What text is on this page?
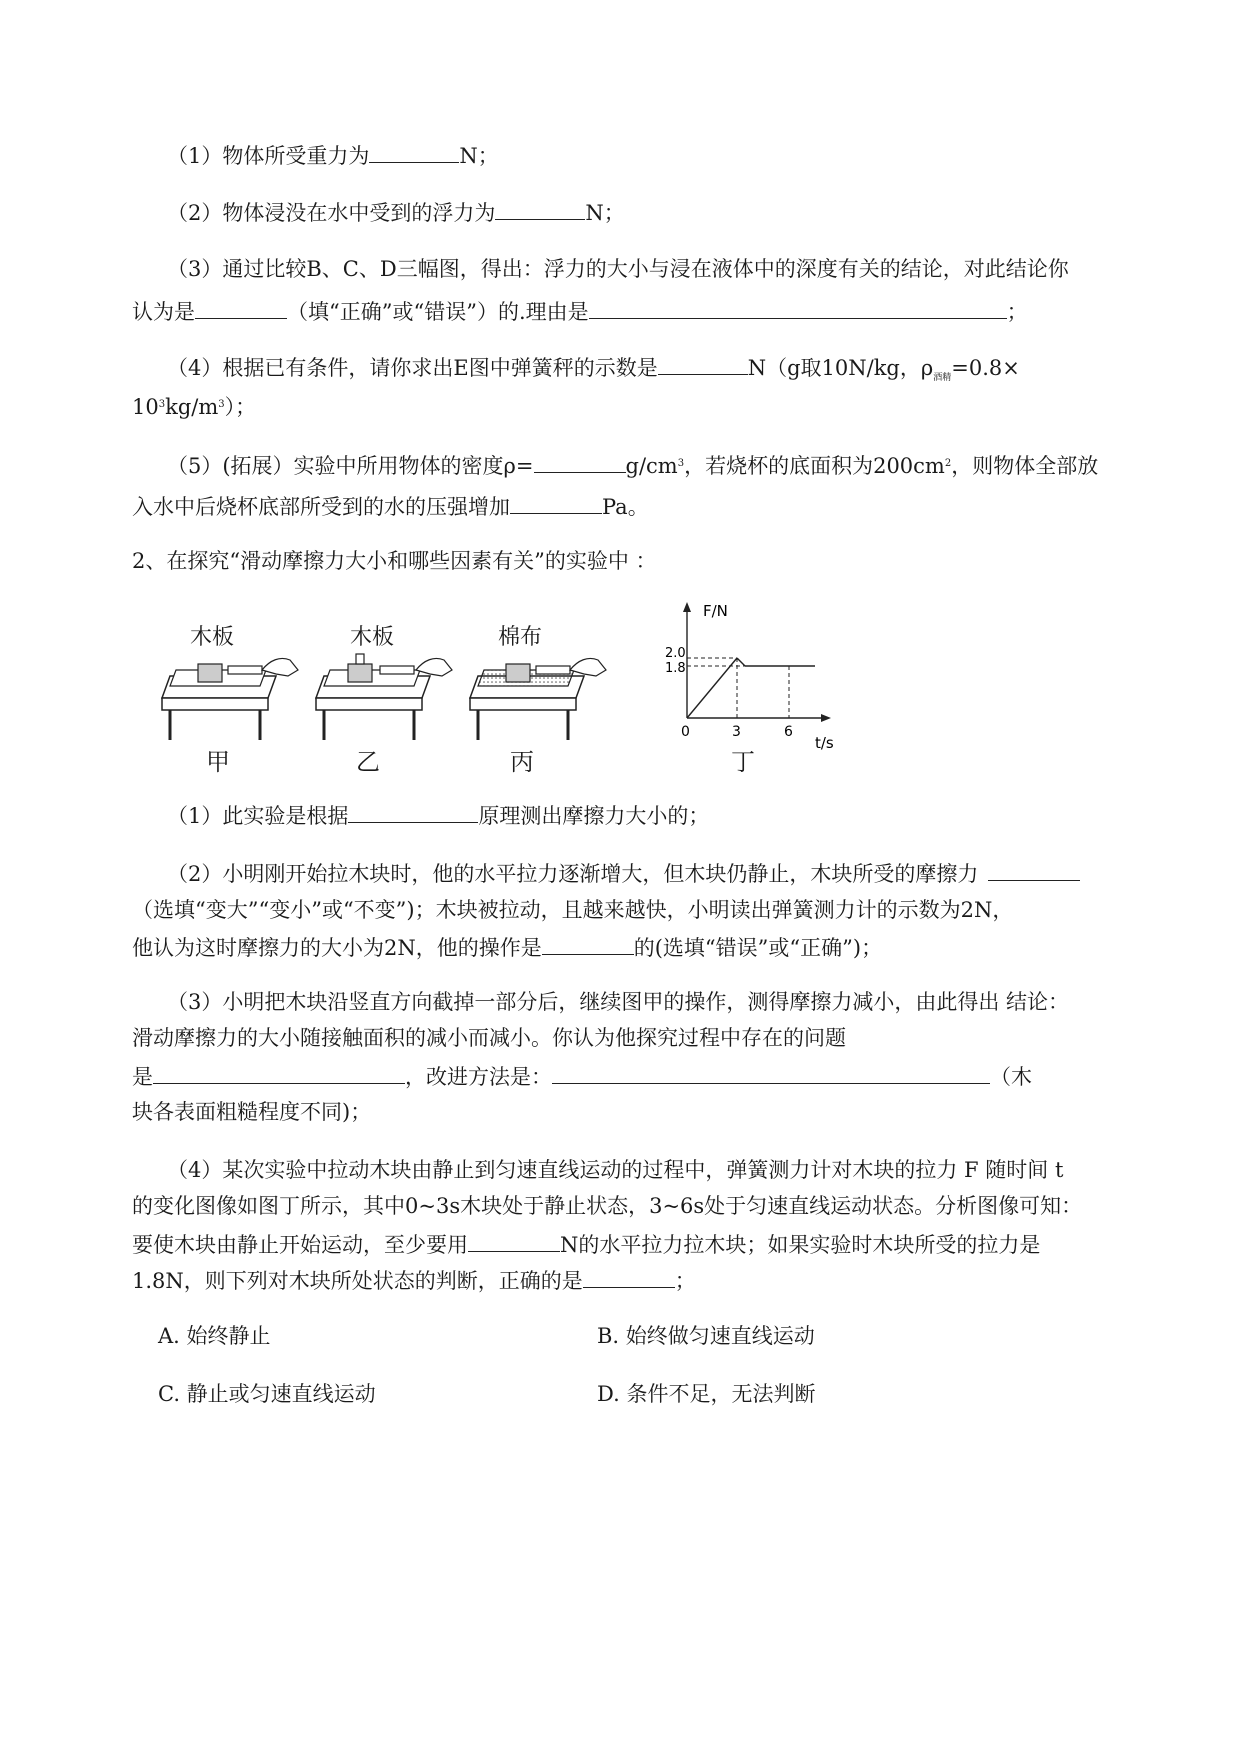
（1）物体所受重力为	N；
（2）物体浸没在水中受到的浮力为	N；
（3）通过比较B、C、D三幅图，得出：浮力的大小与浸在液体中的深度有关的结论，对此结论你
认为是	（填“正确”或“错误”）的.理由是	；
（4）根据已有条件，请你求出E图中弹簧秤的示数是	N（g取10N/kg，$\rho_{酒精}=0.8\times$
$10^3kg/m^3$）；
（5）(拓展）实验中所用物体的密度ρ=	$g/cm^3$，若烧杯的底面积为$200cm^2$，则物体全部放
入水中后烧杯底部所受到的水的压强增加	Pa。
2、在探究“滑动摩擦力大小和哪些因素有关”的实验中 ：
木板
甲
木板
乙
棉布
丙
F/N
2.0
1.8
0	3	6
t/s
丁
（1）此实验是根据	原理测出摩擦力大小的；
（2）小明刚开始拉木块时，他的水平拉力逐渐增大，但木块仍静止，木块所受的摩擦力
（选填“变大”“变小”或“不变”)；木块被拉动，且越来越快，小明读出弹簧测力计的示数为2N，
他认为这时摩擦力的大小为2N，他的操作是	的(选填“错误”或“正确”)；
（3）小明把木块沿竖直方向截掉一部分后，继续图甲的操作，测得摩擦力减小，由此得出 结论：
滑动摩擦力的大小随接触面积的减小而减小。你认为他探究过程中存在的问题
是	，改进方法是：	（木
块各表面粗糙程度不同)；
（4）某次实验中拉动木块由静止到匀速直线运动的过程中，弹簧测力计对木块的拉力 F 随时间 t
的变化图像如图丁所示，其中0~3s木块处于静止状态，3~6s处于匀速直线运动状态。分析图像可知：
要使木块由静止开始运动，至少要用	N的水平拉力拉木块；如果实验时木块所受的拉力是
1.8N，则下列对木块所处状态的判断，正确的是	；
A. 始终静止	B. 始终做匀速直线运动
C. 静止或匀速直线运动	D. 条件不足，无法判断
